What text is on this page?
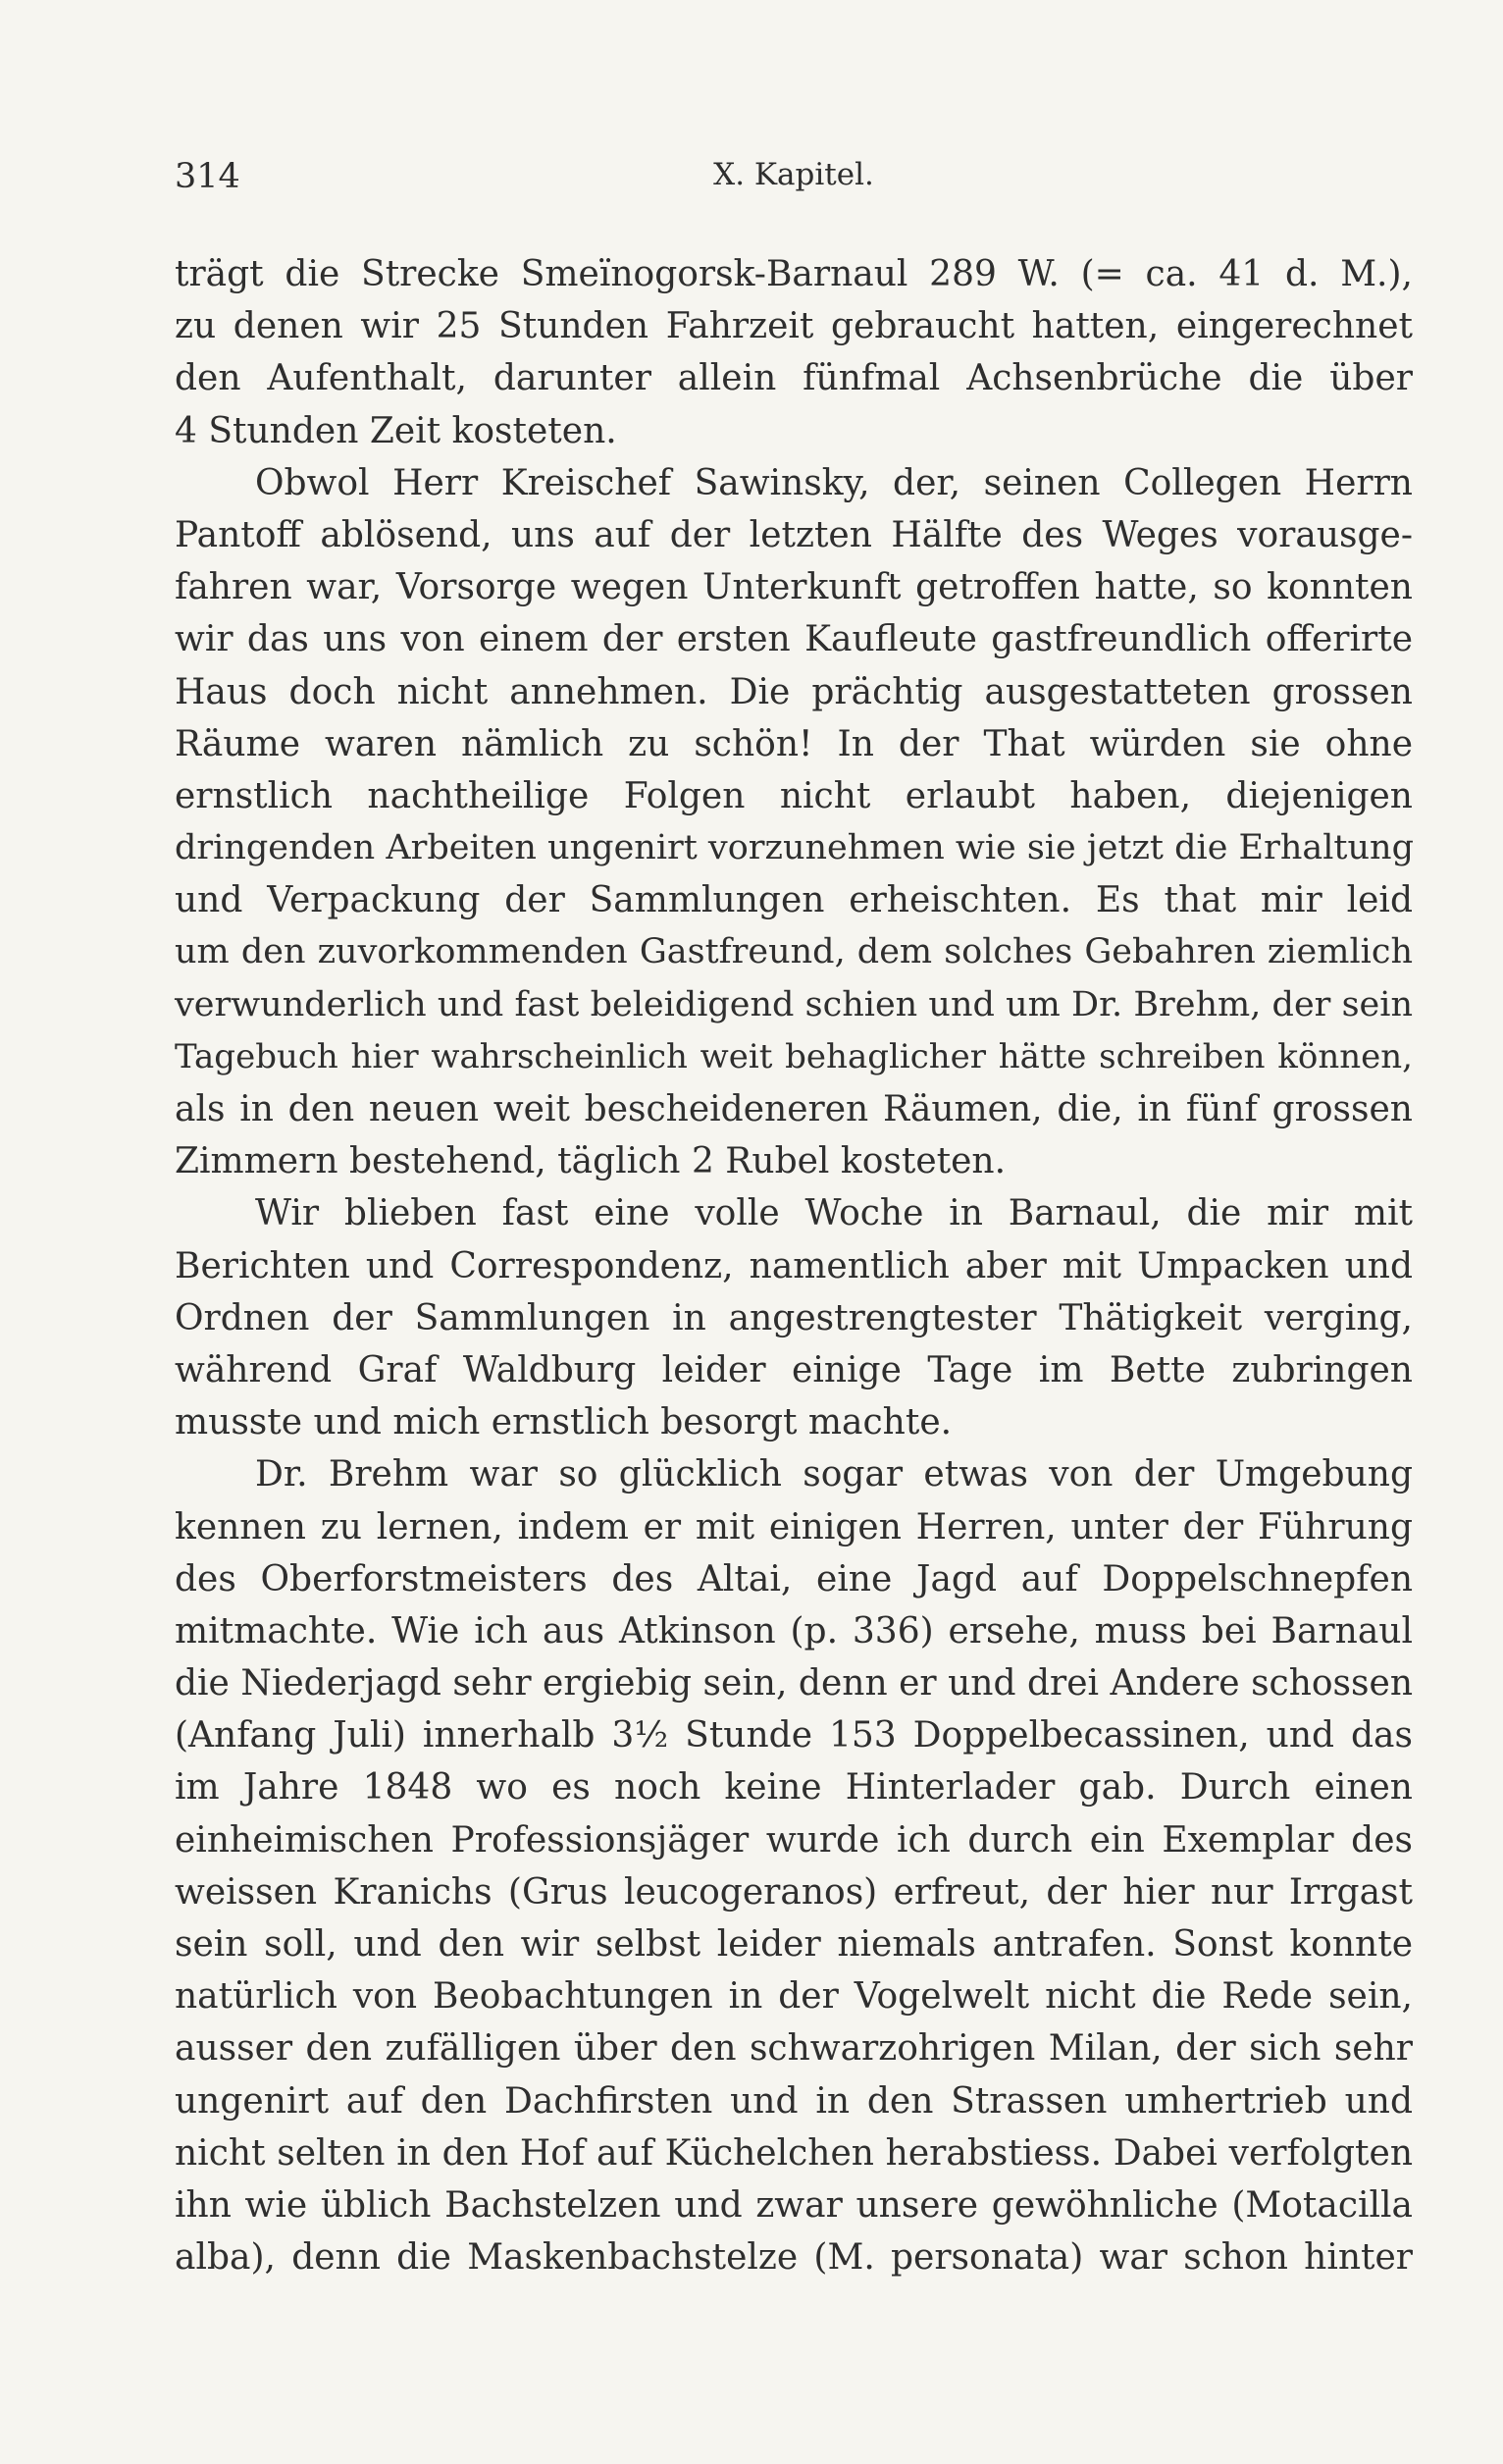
314	X. Kapitel.
trägt die Strecke Smeïnogorsk-Barnaul 289 W. (= ca. 41 d. M.),
zu denen wir 25 Stunden Fahrzeit gebraucht hatten, eingerechnet
den Aufenthalt, darunter allein fünfmal Achsenbrüche die über
4 Stunden Zeit kosteten.
Obwol Herr Kreischef Sawinsky, der, seinen Collegen Herrn
Pantoff ablösend, uns auf der letzten Hälfte des Weges vorausge-
fahren war, Vorsorge wegen Unterkunft getroffen hatte, so konnten
wir das uns von einem der ersten Kaufleute gastfreundlich offerirte
Haus doch nicht annehmen. Die prächtig ausgestatteten grossen
Räume waren nämlich zu schön! In der That würden sie ohne
ernstlich nachtheilige Folgen nicht erlaubt haben, diejenigen
dringenden Arbeiten ungenirt vorzunehmen wie sie jetzt die Erhaltung
und Verpackung der Sammlungen erheischten. Es that mir leid
um den zuvorkommenden Gastfreund, dem solches Gebahren ziemlich
verwunderlich und fast beleidigend schien und um Dr. Brehm, der sein
Tagebuch hier wahrscheinlich weit behaglicher hätte schreiben können,
als in den neuen weit bescheideneren Räumen, die, in fünf grossen
Zimmern bestehend, täglich 2 Rubel kosteten.
Wir blieben fast eine volle Woche in Barnaul, die mir mit
Berichten und Correspondenz, namentlich aber mit Umpacken und
Ordnen der Sammlungen in angestrengtester Thätigkeit verging,
während Graf Waldburg leider einige Tage im Bette zubringen
musste und mich ernstlich besorgt machte.
Dr. Brehm war so glücklich sogar etwas von der Umgebung
kennen zu lernen, indem er mit einigen Herren, unter der Führung
des Oberforstmeisters des Altai, eine Jagd auf Doppelschnepfen
mitmachte. Wie ich aus Atkinson (p. 336) ersehe, muss bei Barnaul
die Niederjagd sehr ergiebig sein, denn er und drei Andere schossen
(Anfang Juli) innerhalb 3½ Stunde 153 Doppelbecassinen, und das
im Jahre 1848 wo es noch keine Hinterlader gab. Durch einen
einheimischen Professionsjäger wurde ich durch ein Exemplar des
weissen Kranichs (Grus leucogeranos) erfreut, der hier nur Irrgast
sein soll, und den wir selbst leider niemals antrafen. Sonst konnte
natürlich von Beobachtungen in der Vogelwelt nicht die Rede sein,
ausser den zufälligen über den schwarzohrigen Milan, der sich sehr
ungenirt auf den Dachfirsten und in den Strassen umhertrieb und
nicht selten in den Hof auf Küchelchen herabstiess. Dabei verfolgten
ihn wie üblich Bachstelzen und zwar unsere gewöhnliche (Motacilla
alba), denn die Maskenbachstelze (M. personata) war schon hinter
